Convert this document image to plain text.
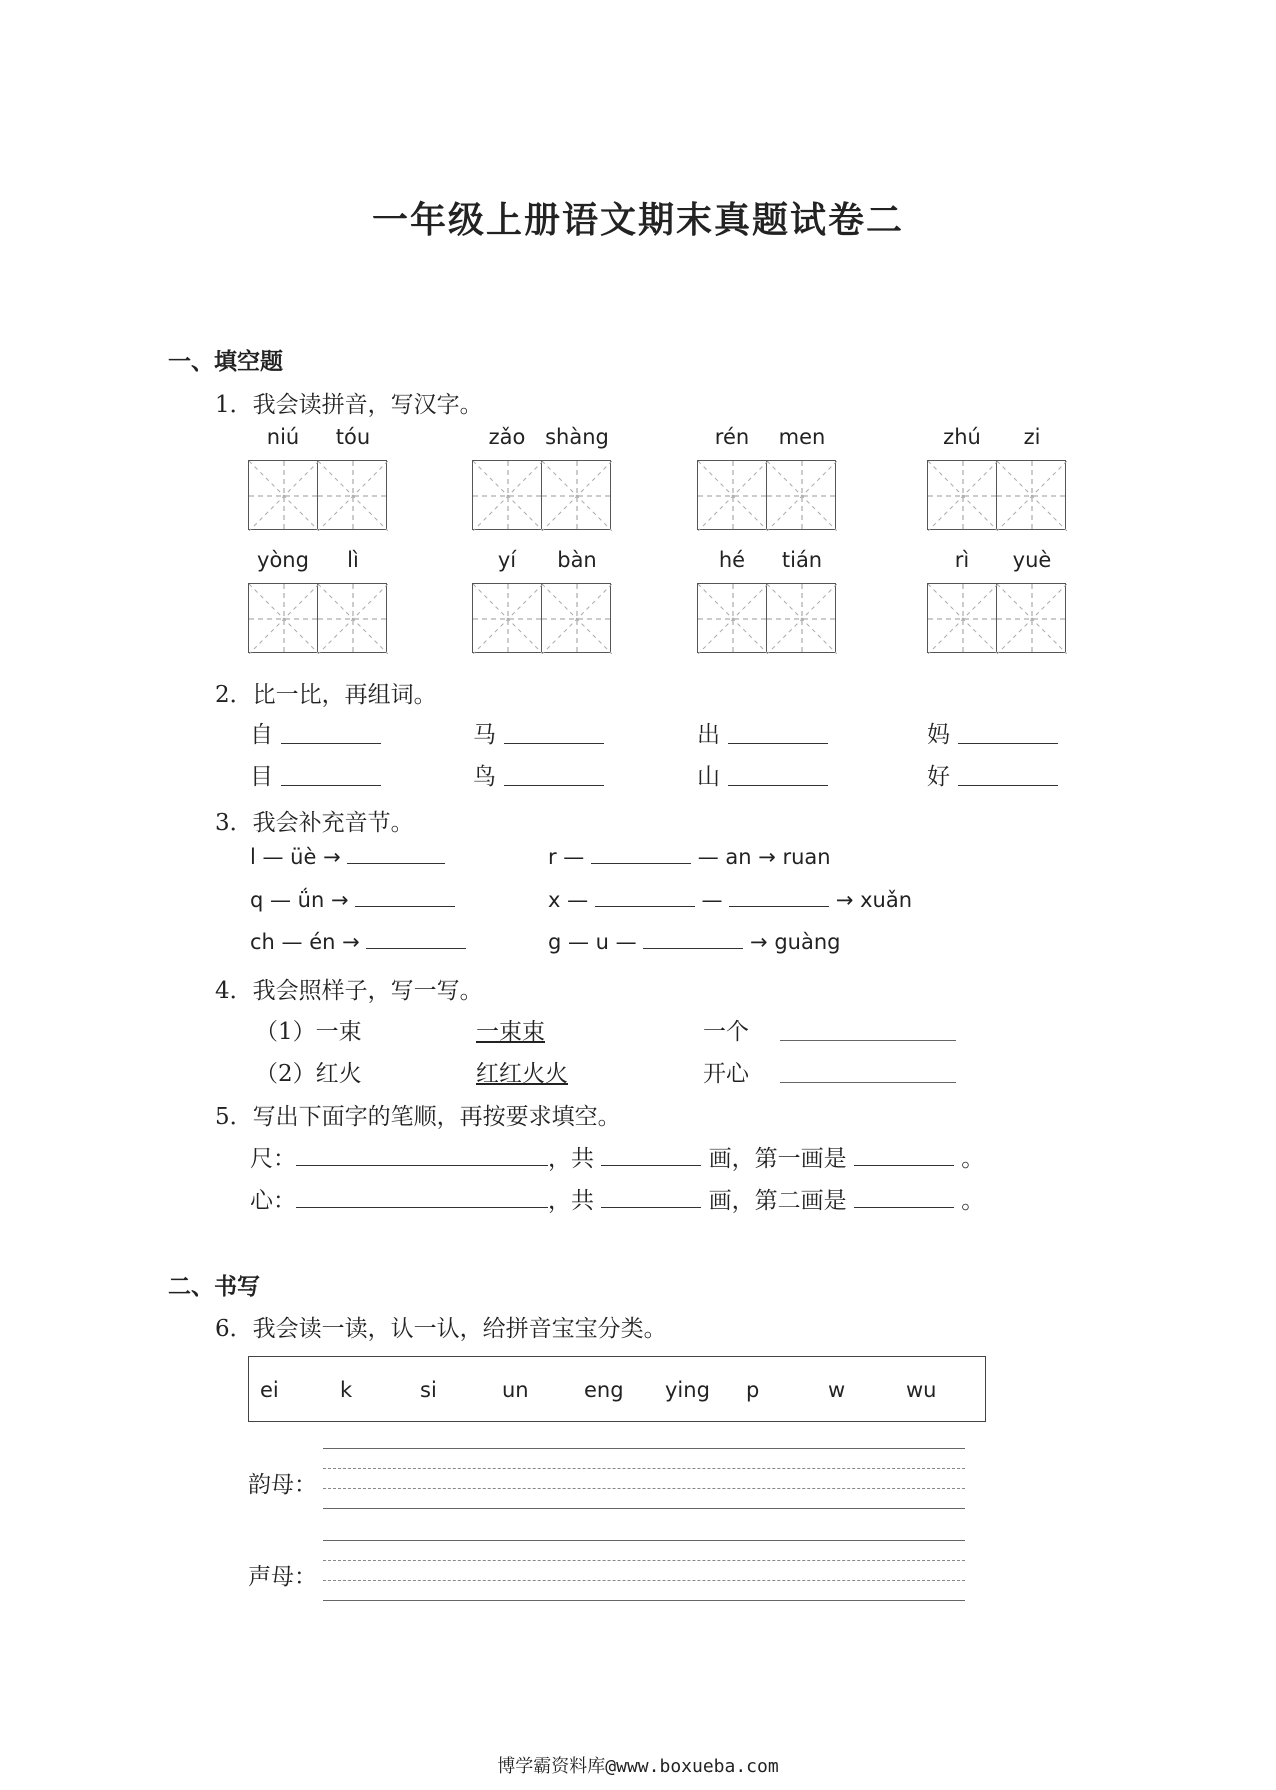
一年级上册语文期末真题试卷二
一、填空题
1．我会读拼音，写汉字。
niú	tóu	zǎo shàng	rén	men	zhú	zi
yòng	lì	yí	bàn	hé	tián	rì	yuè
2．比一比，再组词。
自	马	出	妈
目	鸟	山	好
3．我会补充音节。
l — üè →	r —	— an → ruan
q — ǘn →	x —	—	→ xuǎn
ch — én →	g — u —	→ guàng
4．我会照样子，写一写。
（1）一束	一束束	一个
（2）红火	红红火火	开心
5．写出下面字的笔顺，再按要求填空。
尺：	，共	画，第一画是	。
心：	，共	画，第二画是	。
二、书写
6．我会读一读，认一认，给拼音宝宝分类。
ei	k	si	un	eng ying p	w	wu
韵母：
声母：
博学霸资料库@www.boxueba.com
